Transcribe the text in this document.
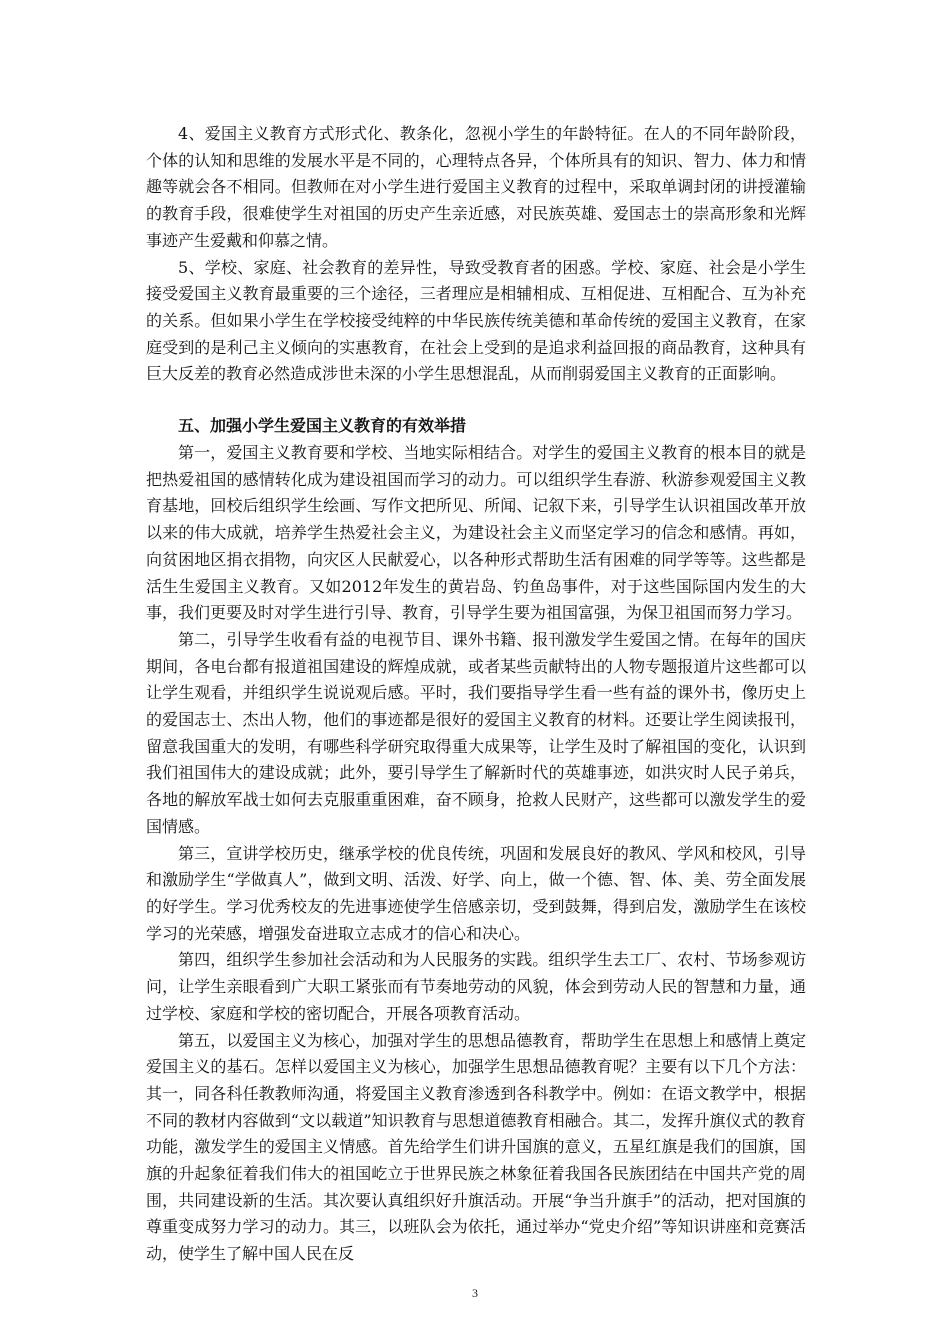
4、爱国主义教育方式形式化、教条化，忽视小学生的年龄特征。在人的不同年龄阶段，个体的认知和思维的发展水平是不同的，心理特点各异，个体所具有的知识、智力、体力和情趣等就会各不相同。但教师在对小学生进行爱国主义教育的过程中，采取单调封闭的讲授灌输的教育手段，很难使学生对祖国的历史产生亲近感，对民族英雄、爱国志士的崇高形象和光辉事迹产生爱戴和仰慕之情。

5、学校、家庭、社会教育的差异性，导致受教育者的困惑。学校、家庭、社会是小学生接受爱国主义教育最重要的三个途径，三者理应是相辅相成、互相促进、互相配合、互为补充的关系。但如果小学生在学校接受纯粹的中华民族传统美德和革命传统的爱国主义教育，在家庭受到的是利己主义倾向的实惠教育，在社会上受到的是追求利益回报的商品教育，这种具有巨大反差的教育必然造成涉世未深的小学生思想混乱，从而削弱爱国主义教育的正面影响。

五、加强小学生爱国主义教育的有效举措

第一，爱国主义教育要和学校、当地实际相结合。对学生的爱国主义教育的根本目的就是把热爱祖国的感情转化成为建设祖国而学习的动力。可以组织学生春游、秋游参观爱国主义教育基地，回校后组织学生绘画、写作文把所见、所闻、记叙下来，引导学生认识祖国改革开放以来的伟大成就，培养学生热爱社会主义，为建设社会主义而坚定学习的信念和感情。再如，向贫困地区捐衣捐物，向灾区人民献爱心，以各种形式帮助生活有困难的同学等等。这些都是活生生爱国主义教育。又如2012年发生的黄岩岛、钓鱼岛事件，对于这些国际国内发生的大事，我们更要及时对学生进行引导、教育，引导学生要为祖国富强，为保卫祖国而努力学习。

第二，引导学生收看有益的电视节目、课外书籍、报刊激发学生爱国之情。在每年的国庆期间，各电台都有报道祖国建设的辉煌成就，或者某些贡献特出的人物专题报道片这些都可以让学生观看，并组织学生说说观后感。平时，我们要指导学生看一些有益的课外书，像历史上的爱国志士、杰出人物，他们的事迹都是很好的爱国主义教育的材料。还要让学生阅读报刊，留意我国重大的发明，有哪些科学研究取得重大成果等，让学生及时了解祖国的变化，认识到我们祖国伟大的建设成就；此外，要引导学生了解新时代的英雄事迹，如洪灾时人民子弟兵，各地的解放军战士如何去克服重重困难，奋不顾身，抢救人民财产，这些都可以激发学生的爱国情感。

第三，宣讲学校历史，继承学校的优良传统，巩固和发展良好的教风、学风和校风，引导和激励学生“学做真人”，做到文明、活泼、好学、向上，做一个德、智、体、美、劳全面发展的好学生。学习优秀校友的先进事迹使学生倍感亲切，受到鼓舞，得到启发，激励学生在该校学习的光荣感，增强发奋进取立志成才的信心和决心。

第四，组织学生参加社会活动和为人民服务的实践。组织学生去工厂、农村、节场参观访问，让学生亲眼看到广大职工紧张而有节奏地劳动的风貌，体会到劳动人民的智慧和力量，通过学校、家庭和学校的密切配合，开展各项教育活动。

第五，以爱国主义为核心，加强对学生的思想品德教育，帮助学生在思想上和感情上奠定爱国主义的基石。怎样以爱国主义为核心，加强学生思想品德教育呢？主要有以下几个方法：其一，同各科任教教师沟通，将爱国主义教育渗透到各科教学中。例如：在语文教学中，根据不同的教材内容做到“文以载道”知识教育与思想道德教育相融合。其二，发挥升旗仪式的教育功能，激发学生的爱国主义情感。首先给学生们讲升国旗的意义，五星红旗是我们的国旗，国旗的升起象征着我们伟大的祖国屹立于世界民族之林象征着我国各民族团结在中国共产党的周围，共同建设新的生活。其次要认真组织好升旗活动。开展“争当升旗手”的活动，把对国旗的尊重变成努力学习的动力。其三，以班队会为依托，通过举办“党史介绍”等知识讲座和竞赛活动，使学生了解中国人民在反

3
